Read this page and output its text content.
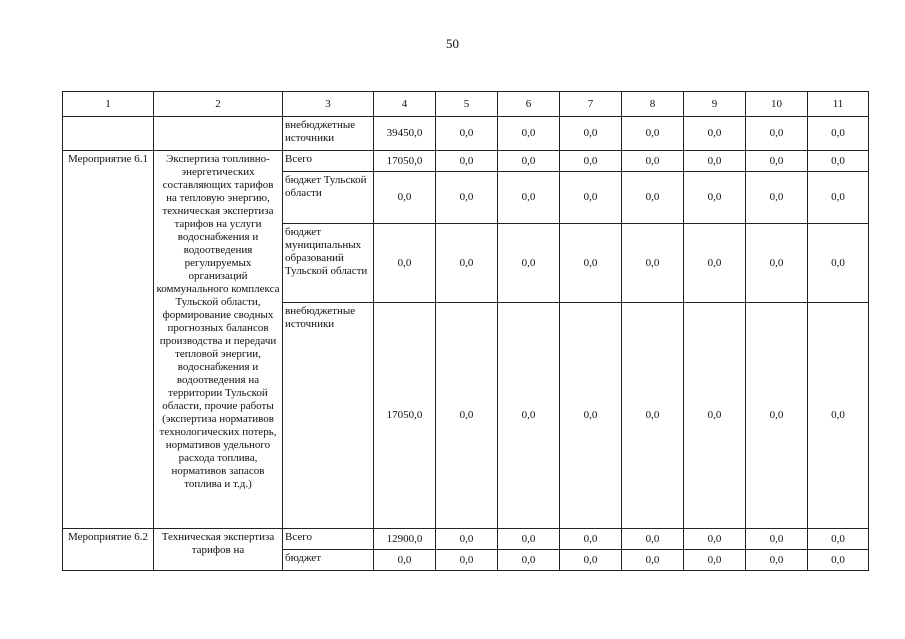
50
1	2	3	4	5	6	7	8	9	10	11
		внебюджетные источники	39450,0	0,0	0,0	0,0	0,0	0,0	0,0	0,0
Мероприятие 6.1	Экспертиза топливно-энергетических составляющих тарифов на тепловую энергию, техническая экспертиза тарифов на услуги водоснабжения и водоотведения регулируемых организаций коммунального комплекса Тульской области, формирование сводных прогнозных балансов производства и передачи тепловой энергии, водоснабжения и водоотведения на территории Тульской области, прочие работы (экспертиза нормативов технологических потерь, нормативов удельного расхода топлива, нормативов запасов топлива и т.д.)	Всего	17050,0	0,0	0,0	0,0	0,0	0,0	0,0	0,0
		бюджет Тульской области	0,0	0,0	0,0	0,0	0,0	0,0	0,0	0,0
		бюджет муниципальных образований Тульской области	0,0	0,0	0,0	0,0	0,0	0,0	0,0	0,0
		внебюджетные источники	17050,0	0,0	0,0	0,0	0,0	0,0	0,0	0,0
Мероприятие 6.2	Техническая экспертиза тарифов на	Всего	12900,0	0,0	0,0	0,0	0,0	0,0	0,0	0,0
		бюджет	0,0	0,0	0,0	0,0	0,0	0,0	0,0	0,0
